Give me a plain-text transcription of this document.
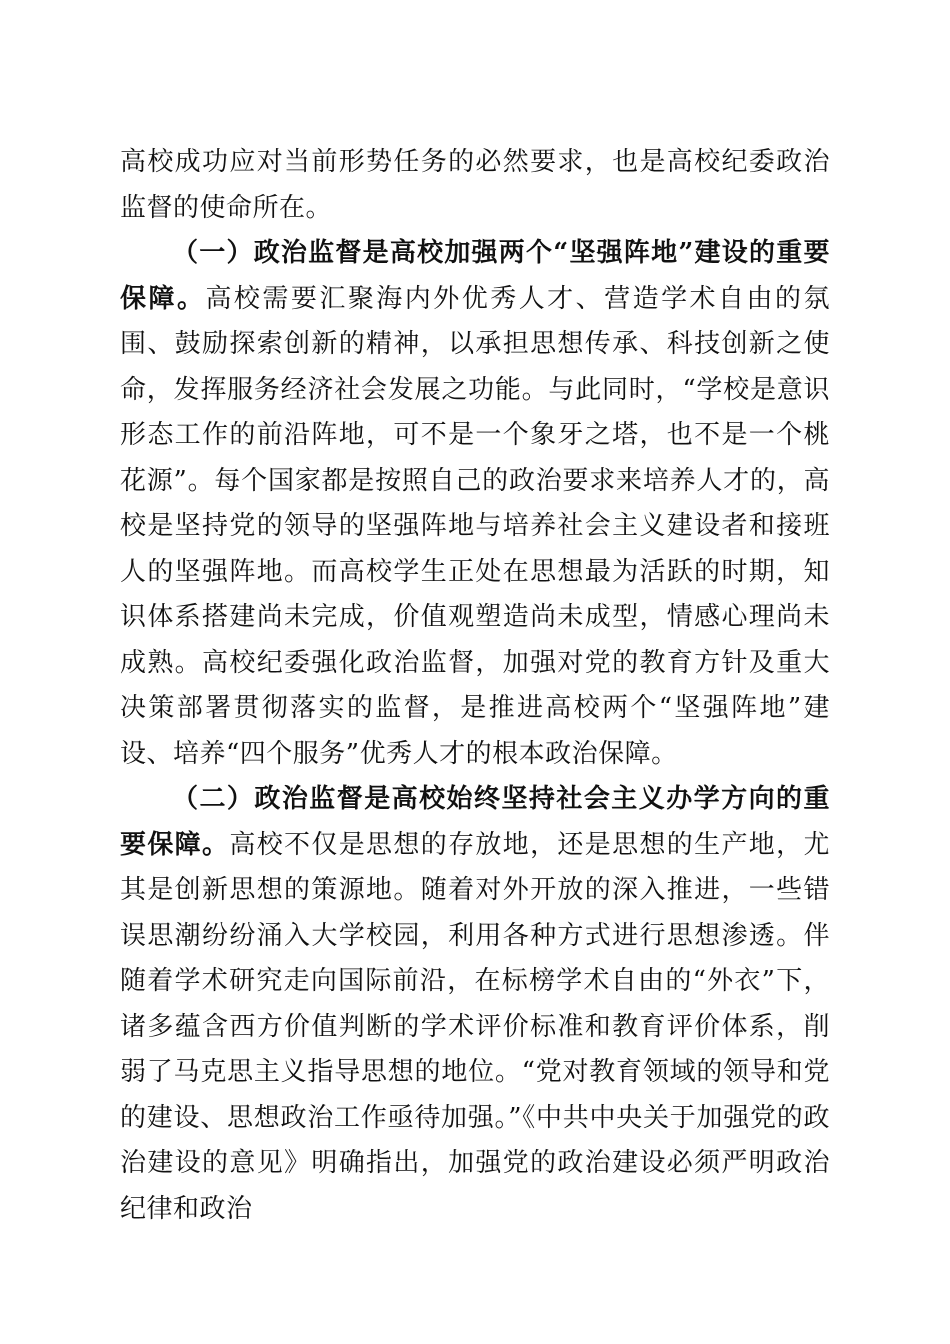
高校成功应对当前形势任务的必然要求，也是高校纪委政治监督的使命所在。

（一）政治监督是高校加强两个“坚强阵地”建设的重要保障。高校需要汇聚海内外优秀人才、营造学术自由的氛围、鼓励探索创新的精神，以承担思想传承、科技创新之使命，发挥服务经济社会发展之功能。与此同时，“学校是意识形态工作的前沿阵地，可不是一个象牙之塔，也不是一个桃花源”。每个国家都是按照自己的政治要求来培养人才的，高校是坚持党的领导的坚强阵地与培养社会主义建设者和接班人的坚强阵地。而高校学生正处在思想最为活跃的时期，知识体系搭建尚未完成，价值观塑造尚未成型，情感心理尚未成熟。高校纪委强化政治监督，加强对党的教育方针及重大决策部署贯彻落实的监督，是推进高校两个“坚强阵地”建设、培养“四个服务”优秀人才的根本政治保障。

（二）政治监督是高校始终坚持社会主义办学方向的重要保障。高校不仅是思想的存放地，还是思想的生产地，尤其是创新思想的策源地。随着对外开放的深入推进，一些错误思潮纷纷涌入大学校园，利用各种方式进行思想渗透。伴随着学术研究走向国际前沿，在标榜学术自由的“外衣”下，诸多蕴含西方价值判断的学术评价标准和教育评价体系，削弱了马克思主义指导思想的地位。“党对教育领域的领导和党的建设、思想政治工作亟待加强。”《中共中央关于加强党的政治建设的意见》明确指出，加强党的政治建设必须严明政治纪律和政治
